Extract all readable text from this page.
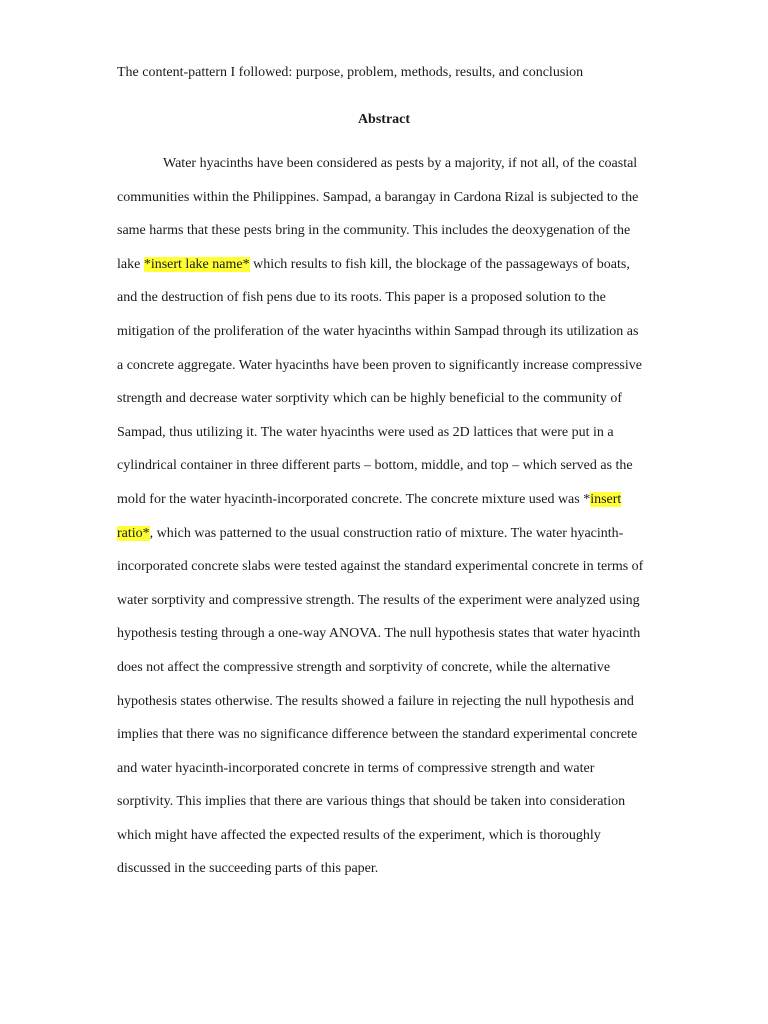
The content-pattern I followed: purpose, problem, methods, results, and conclusion
Abstract
Water hyacinths have been considered as pests by a majority, if not all, of the coastal
communities within the Philippines. Sampad, a barangay in Cardona Rizal is subjected to the
same harms that these pests bring in the community. This includes the deoxygenation of the
lake *insert lake name* which results to fish kill, the blockage of the passageways of boats,
and the destruction of fish pens due to its roots. This paper is a proposed solution to the
mitigation of the proliferation of the water hyacinths within Sampad through its utilization as
a concrete aggregate. Water hyacinths have been proven to significantly increase compressive
strength and decrease water sorptivity which can be highly beneficial to the community of
Sampad, thus utilizing it. The water hyacinths were used as 2D lattices that were put in a
cylindrical container in three different parts – bottom, middle, and top – which served as the
mold for the water hyacinth-incorporated concrete. The concrete mixture used was *insert
ratio*, which was patterned to the usual construction ratio of mixture. The water hyacinth-
incorporated concrete slabs were tested against the standard experimental concrete in terms of
water sorptivity and compressive strength. The results of the experiment were analyzed using
hypothesis testing through a one-way ANOVA. The null hypothesis states that water hyacinth
does not affect the compressive strength and sorptivity of concrete, while the alternative
hypothesis states otherwise. The results showed a failure in rejecting the null hypothesis and
implies that there was no significance difference between the standard experimental concrete
and water hyacinth-incorporated concrete in terms of compressive strength and water
sorptivity. This implies that there are various things that should be taken into consideration
which might have affected the expected results of the experiment, which is thoroughly
discussed in the succeeding parts of this paper.
